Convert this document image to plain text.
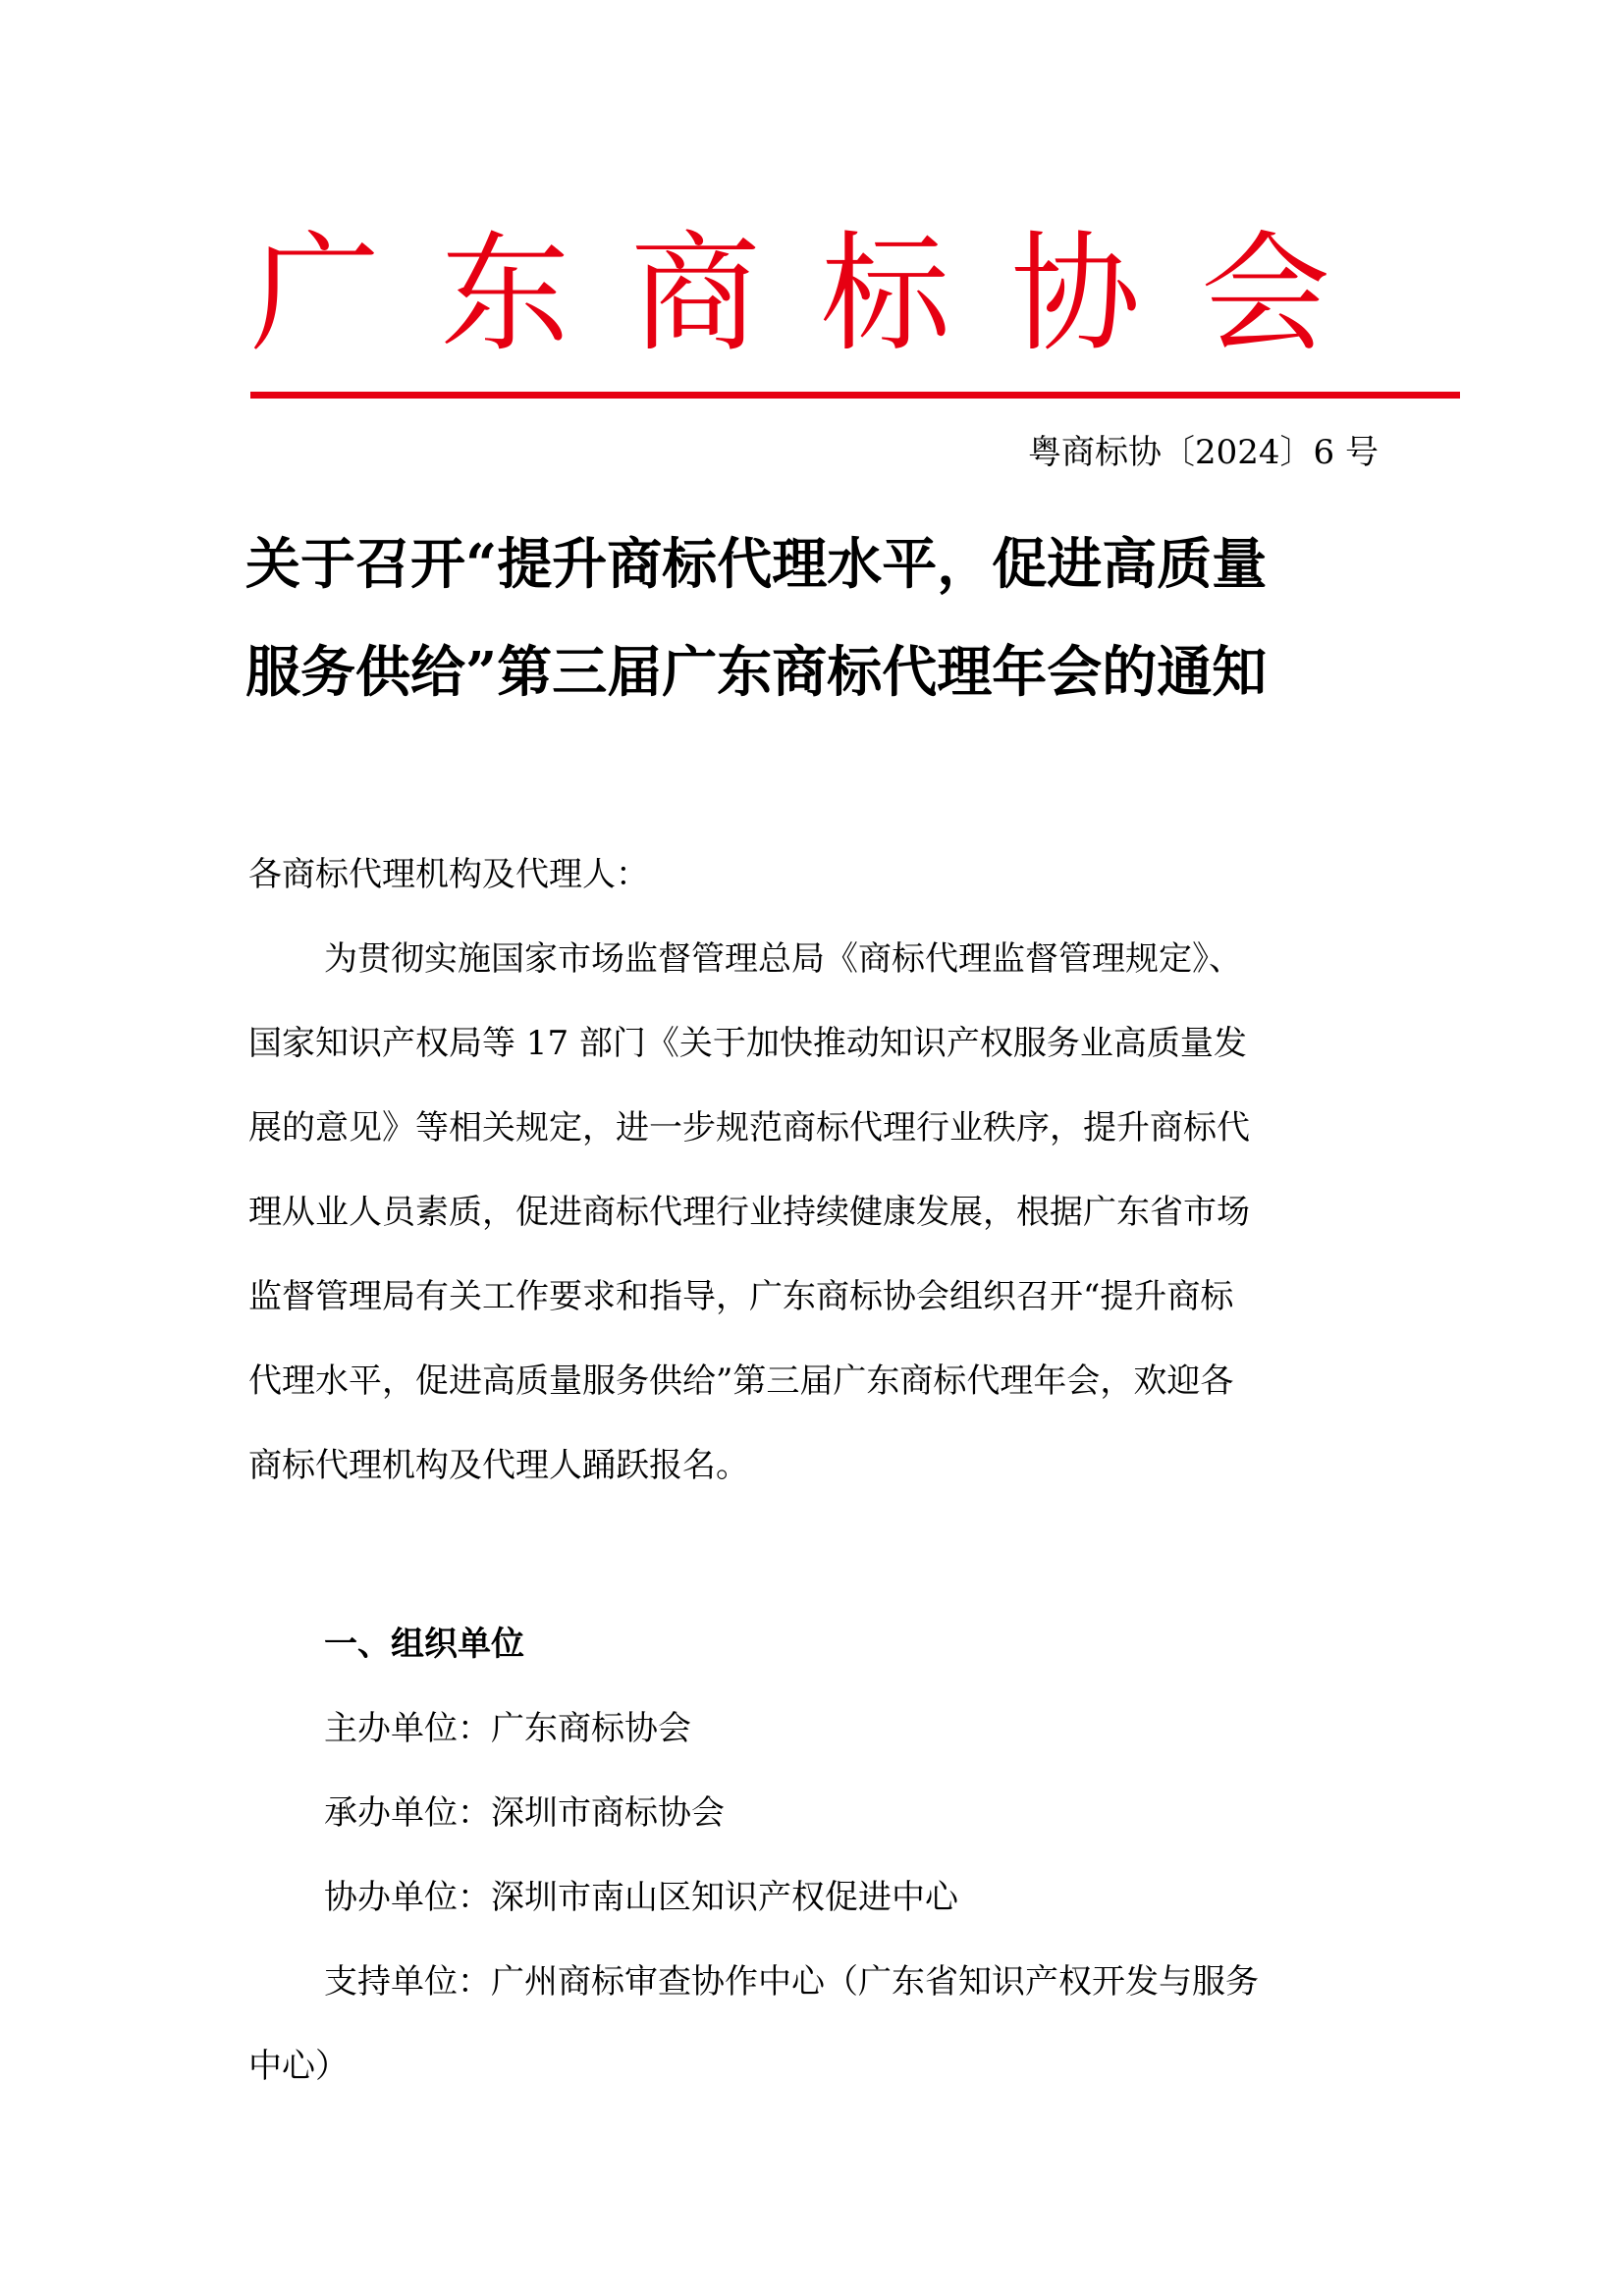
广 东 商 标 协 会
粤商标协〔2024〕6 号
关于召开“提升商标代理水平，促进高质量
服务供给”第三届广东商标代理年会的通知
各商标代理机构及代理人：
为贯彻实施国家市场监督管理总局《商标代理监督管理规定》、
国家知识产权局等 17 部门《关于加快推动知识产权服务业高质量发
展的意见》等相关规定，进一步规范商标代理行业秩序，提升商标代
理从业人员素质，促进商标代理行业持续健康发展，根据广东省市场
监督管理局有关工作要求和指导，广东商标协会组织召开“提升商标
代理水平，促进高质量服务供给”第三届广东商标代理年会，欢迎各
商标代理机构及代理人踊跃报名。
一、组织单位
主办单位：广东商标协会
承办单位：深圳市商标协会
协办单位：深圳市南山区知识产权促进中心
支持单位：广州商标审查协作中心（广东省知识产权开发与服务
中心）
